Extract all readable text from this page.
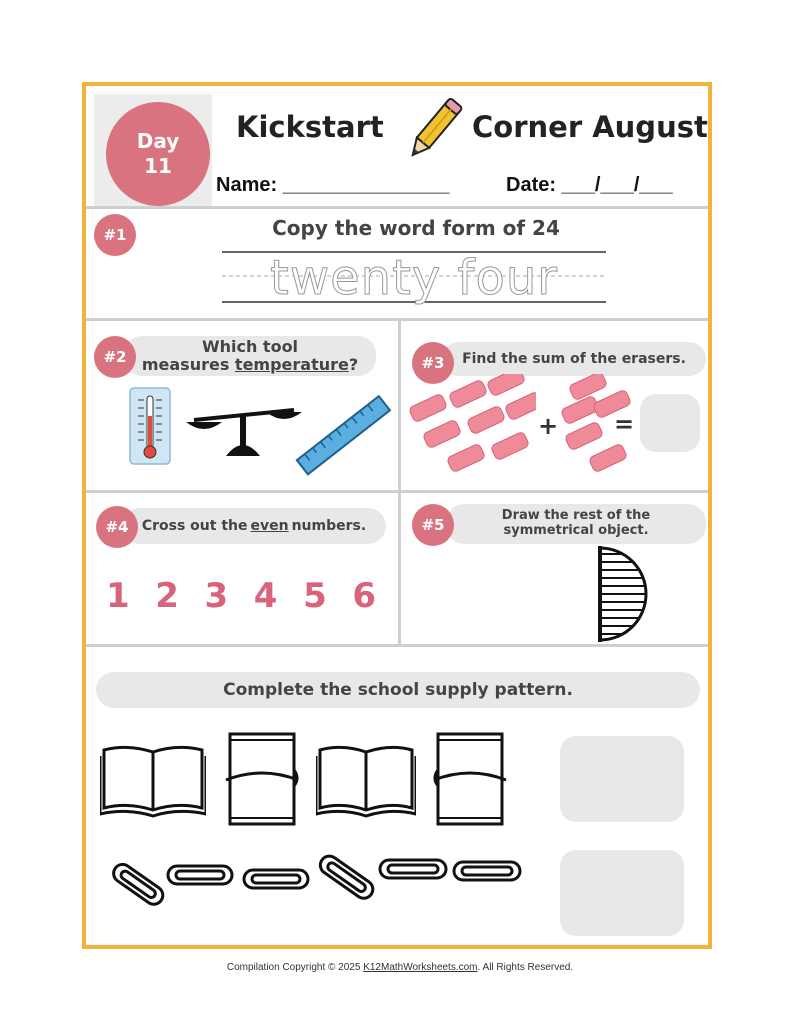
Day
11
Kickstart	Corner August
Name: _______________	Date: ___/___/___
#1	Copy the word form of 24
twenty four
Which tool
measures temperature?
#2	Find the sum of the erasers.
#3
+ =
Cross out the even numbers.
#4
1 2 3 4 5 6
Draw the rest of the
symmetrical object.
#5
Complete the school supply pattern.
Compilation Copyright © 2025 K12MathWorksheets.com. All Rights Reserved.
